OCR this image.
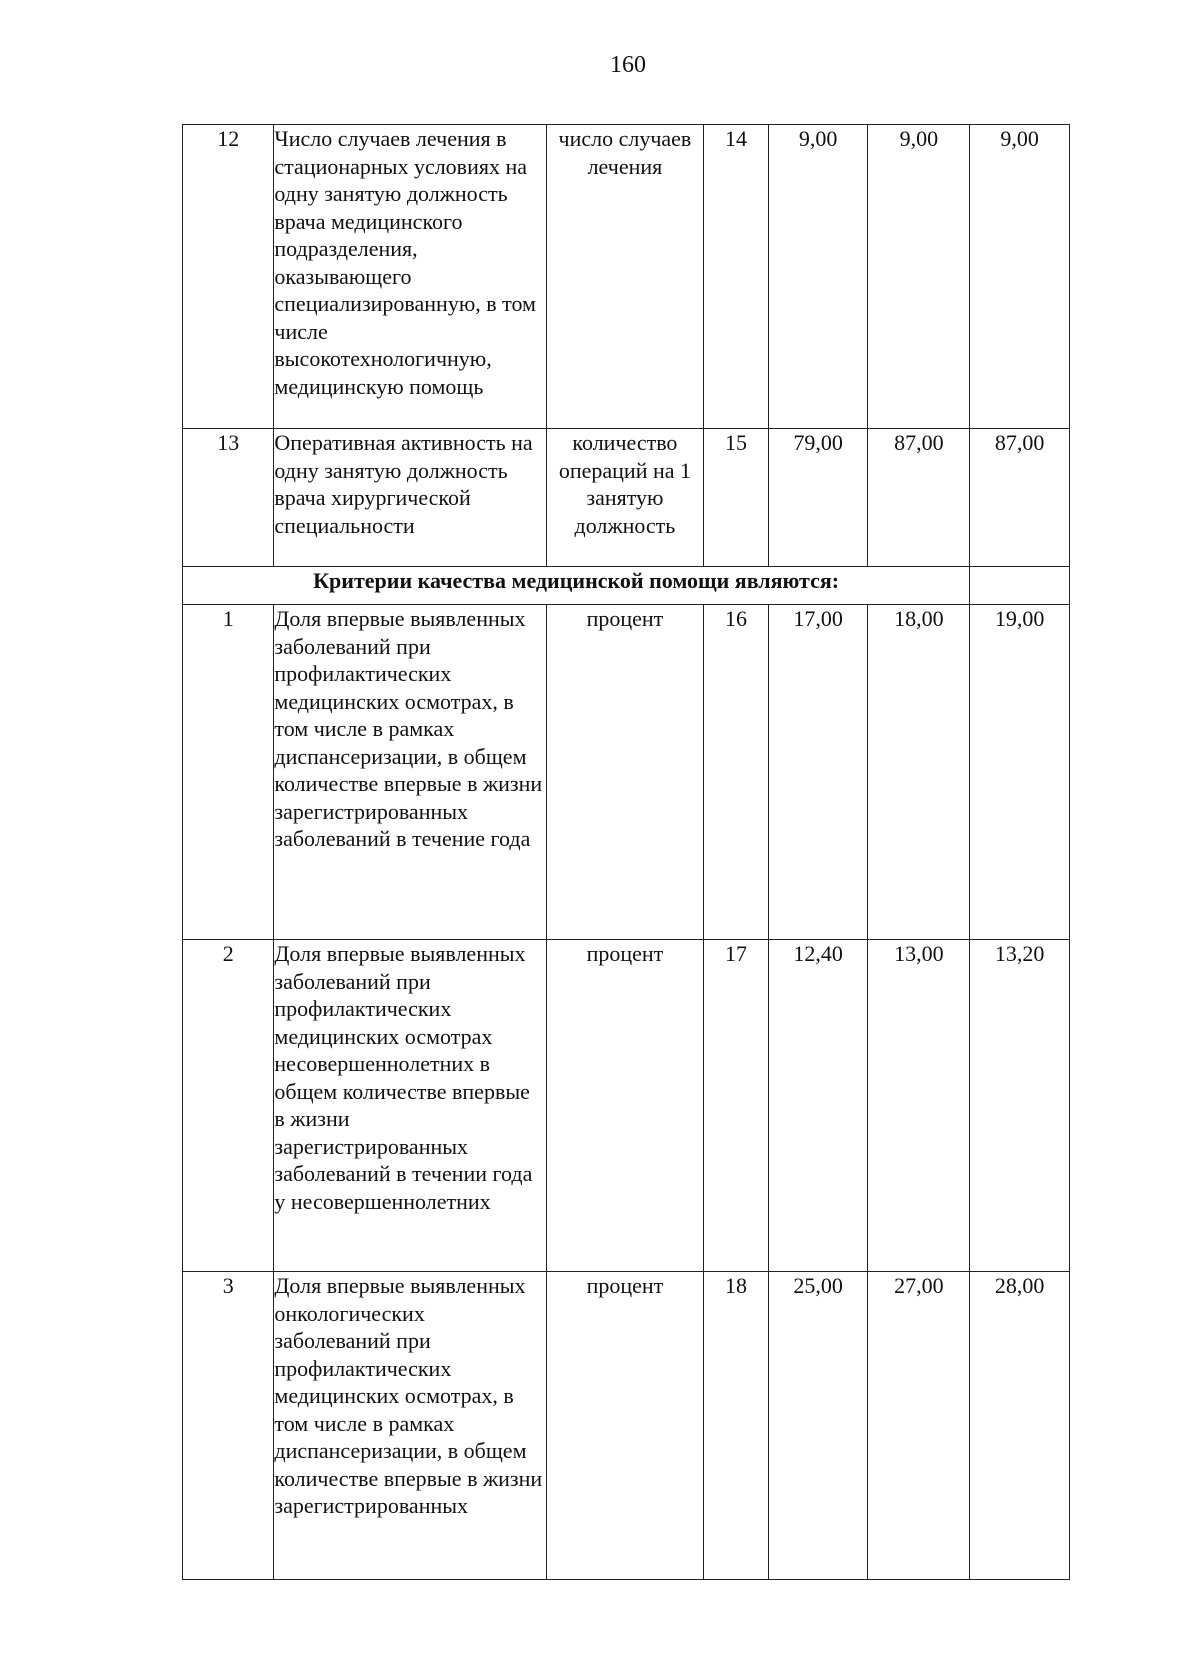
160
12	Число случаев лечения в стационарных условиях на одну занятую должность врача медицинского подразделения, оказывающего специализированную, в том числе высокотехнологичную, медицинскую помощь	число случаев лечения	14	9,00	9,00	9,00
13	Оперативная активность на одну занятую должность врача хирургической специальности	количество операций на 1 занятую должность	15	79,00	87,00	87,00
Критерии качества медицинской помощи являются:						
1	Доля впервые выявленных заболеваний при профилактических медицинских осмотрах, в том числе в рамках диспансеризации, в общем количестве впервые в жизни зарегистрированных заболеваний в течение года	процент	16	17,00	18,00	19,00
2	Доля впервые выявленных заболеваний при профилактических медицинских осмотрах несовершеннолетних в общем количестве впервые в жизни зарегистрированных заболеваний в течении года у несовершеннолетних	процент	17	12,40	13,00	13,20
3	Доля впервые выявленных онкологических заболеваний при профилактических медицинских осмотрах, в том числе в рамках диспансеризации, в общем количестве впервые в жизни зарегистрированных	процент	18	25,00	27,00	28,00
